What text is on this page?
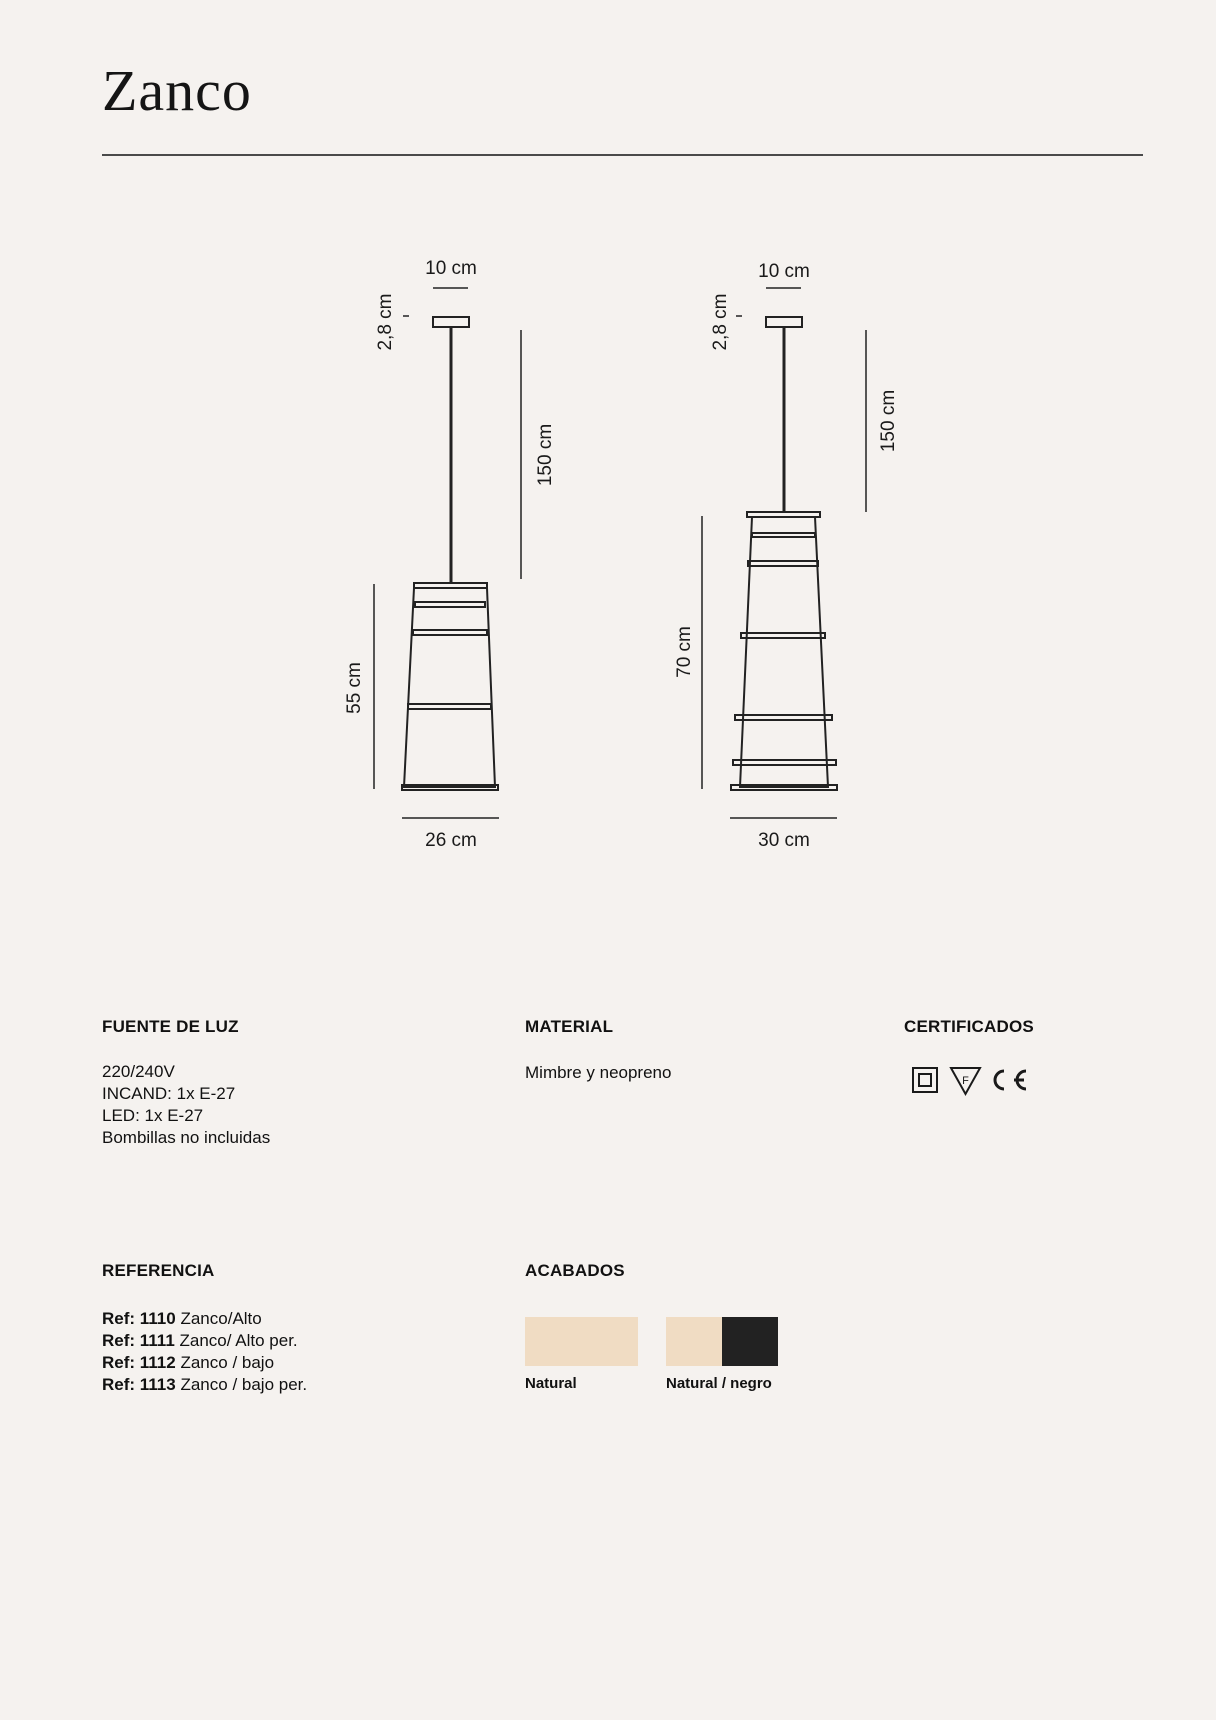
Zanco
10 cm
2,8 cm
150 cm
55 cm
26 cm
10 cm
2,8 cm
150 cm
70 cm
30 cm
FUENTE DE LUZ
220/240V
INCAND: 1x E-27
LED: 1x E-27
Bombillas no incluidas
MATERIAL

Mimbre y neopreno

CERTIFICADOS
F
REFERENCIA
Ref: 1110 Zanco/Alto
Ref: 1111 Zanco/ Alto per.
Ref: 1112 Zanco / bajo
Ref: 1113 Zanco / bajo per.
ACABADOS
Natural	Natural / negro
